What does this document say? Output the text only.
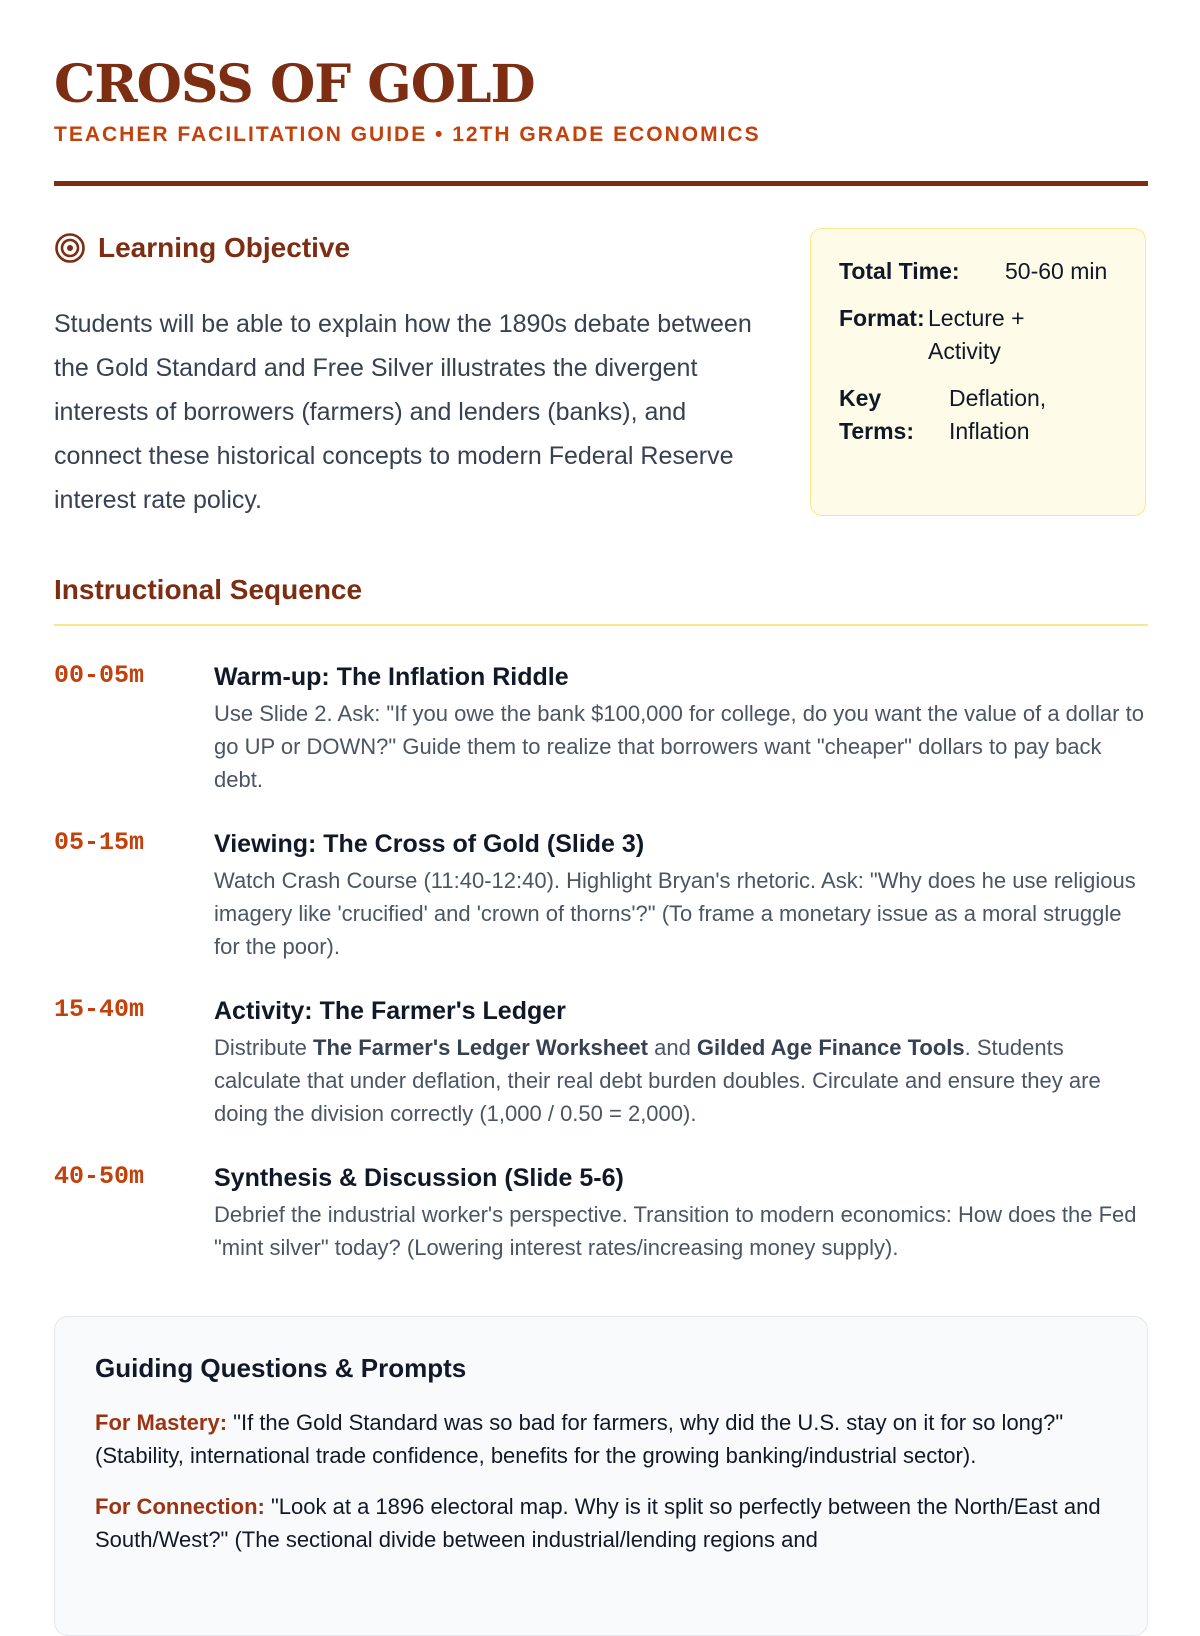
CROSS OF GOLD
TEACHER FACILITATION GUIDE • 12TH GRADE ECONOMICS
Learning Objective

Students will be able to explain how the 1890s debate between the Gold Standard and Free Silver illustrates the divergent interests of borrowers (farmers) and lenders (banks), and connect these historical concepts to modern Federal Reserve interest rate policy.

Total Time:	50-60 min
Format: Lecture + Activity
Key Terms:
Deflation, Inflation
Instructional Sequence
00-05m	Warm-up: The Inflation Riddle

Use Slide 2. Ask: "If you owe the bank $100,000 for college, do you want the value of a dollar to go UP or DOWN?" Guide them to realize that borrowers want "cheaper" dollars to pay back debt.

05-15m	Viewing: The Cross of Gold (Slide 3)

Watch Crash Course (11:40-12:40). Highlight Bryan's rhetoric. Ask: "Why does he use religious imagery like 'crucified' and 'crown of thorns'?" (To frame a monetary issue as a moral struggle for the poor).

15-40m	Activity: The Farmer's Ledger

Distribute The Farmer's Ledger Worksheet and Gilded Age Finance Tools. Students calculate that under deflation, their real debt burden doubles. Circulate and ensure they are doing the division correctly (1,000 / 0.50 = 2,000).

40-50m	Synthesis & Discussion (Slide 5-6)

Debrief the industrial worker's perspective. Transition to modern economics: How does the Fed "mint silver" today? (Lowering interest rates/increasing money supply).

Guiding Questions & Prompts

For Mastery: "If the Gold Standard was so bad for farmers, why did the U.S. stay on it for so long?" (Stability, international trade confidence, benefits for the growing banking/industrial sector).

For Connection: "Look at a 1896 electoral map. Why is it split so perfectly between the North/East and South/West?" (The sectional divide between industrial/lending regions and
